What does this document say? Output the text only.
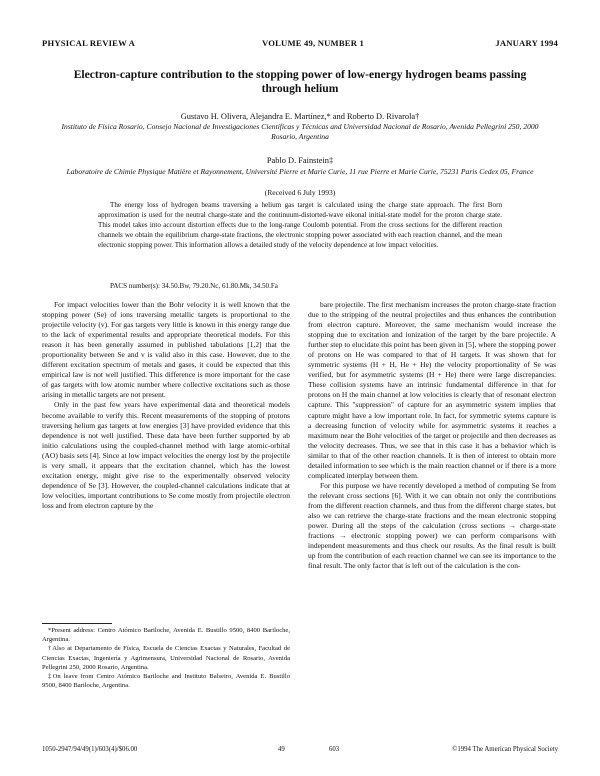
PHYSICAL REVIEW A	VOLUME 49, NUMBER 1	JANUARY 1994
Electron-capture contribution to the stopping power of low-energy hydrogen beams passing through helium
Gustavo H. Olivera, Alejandra E. Martínez,* and Roberto D. Rivarola†
Instituto de Física Rosario, Consejo Nacional de Investigaciones Científicas y Técnicas and Universidad Nacional de Rosario, Avenida Pellegrini 250, 2000 Rosario, Argentina
Pablo D. Fainstein‡
Laboratoire de Chimie Physique Matière et Rayonnement, Université Pierre et Marie Curie, 11 rue Pierre et Marie Curie, 75231 Paris Cedex 05, France
(Received 6 July 1993)
The energy loss of hydrogen beams traversing a helium gas target is calculated using the charge state approach. The first Born approximation is used for the neutral charge-state and the continuum-distorted-wave eikonal initial-state model for the proton charge state. This model takes into account distortion effects due to the long-range Coulomb potential. From the cross sections for the different reaction channels we obtain the equilibrium charge-state fractions, the electronic stopping power associated with each reaction channel, and the mean electronic stopping power. This information allows a detailed study of the velocity dependence at low impact velocities.
PACS number(s): 34.50.Bw, 79.20.Nc, 61.80.Mk, 34.50.Fa

For impact velocities lower than the Bohr velocity it is well known that the stopping power (Se) of ions traversing metallic targets is proportional to the projectile velocity (v). For gas targets very little is known in this energy range due to the lack of experimental results and appropriate theoretical models. For this reason it has been generally assumed in published tabulations [1,2] that the proportionality between Se and v is valid also in this case. However, due to the different excitation spectrum of metals and gases, it could be expected that this empirical law is not well justified. This difference is more important for the case of gas targets with low atomic number where collective excitations such as those arising in metallic targets are not present.

Only in the past few years have experimental data and theoretical models become available to verify this. Recent measurements of the stopping of protons traversing helium gas targets at low energies [3] have provided evidence that this dependence is not well justified. These data have been further supported by ab initio calculations using the coupled-channel method with large atomic-orbital (AO) basis sets [4]. Since at low impact velocities the energy lost by the projectile is very small, it appears that the excitation channel, which has the lowest excitation energy, might give rise to the experimentally observed velocity dependence of Se [3]. However, the coupled-channel calculations indicate that at low velocities, important contributions to Se come mostly from projectile electron loss and from electron capture by the

bare projectile. The first mechanism increases the proton charge-state fraction due to the stripping of the neutral projectiles and thus enhances the contribution from electron capture. Moreover, the same mechanism would increase the stopping due to excitation and ionization of the target by the bare projectile. A further step to elucidate this point has been given in [5], where the stopping power of protons on He was compared to that of H targets. It was shown that for symmetric systems (H + H, He + He) the velocity proportionality of Se was verified, but for asymmetric systems (H + He) there were large discrepancies. These collision systems have an intrinsic fundamental difference in that for protons on H the main channel at low velocities is clearly that of resonant electron capture. This "suppression" of capture for an asymmetric system implies that capture might have a low important role. In fact, for symmetric sytems capture is a decreasing function of velocity while for asymmetric systems it reaches a maximum near the Bohr velocities of the target or projectile and then decreases as the velocity decreases. Thus, we see that in this case it has a behavior which is similar to that of the other reaction channels. It is then of interest to obtain more detailed information to see which is the main reaction channel or if there is a more complicated interplay between them.

For this purpose we have recently developed a method of computing Se from the relevant cross sections [6]. With it we can obtain not only the contributions from the different reaction channels, and thus from the different charge states, but also we can retrieve the charge-state fractions and the mean electronic stopping power. During all the steps of the calculation (cross sections → charge-state fractions → electronic stopping power) we can perform comparisons with independent measurements and thus check our results. As the final result is built up from the contribution of each reaction channel we can see its importance to the final result. The only factor that is left out of the calculation is the con-

*Present address: Centro Atómico Bariloche, Avenida E. Bustillo 9500, 8400 Bariloche, Argentina.

†Also at Departamento de Física, Escuela de Ciencias Exactas y Naturales, Facultad de Ciencias Exactas, Ingeniería y Agrimensura, Universidad Nacional de Rosario, Avenida Pellegrini 250, 2000 Rosario, Argentina.

‡On leave from Centro Atómico Bariloche and Instituto Balseiro, Avenida E. Bustillo 9500, 8400 Bariloche, Argentina.

1050-2947/94/49(1)/603(4)/$06.00	49	603	©1994 The American Physical Society
